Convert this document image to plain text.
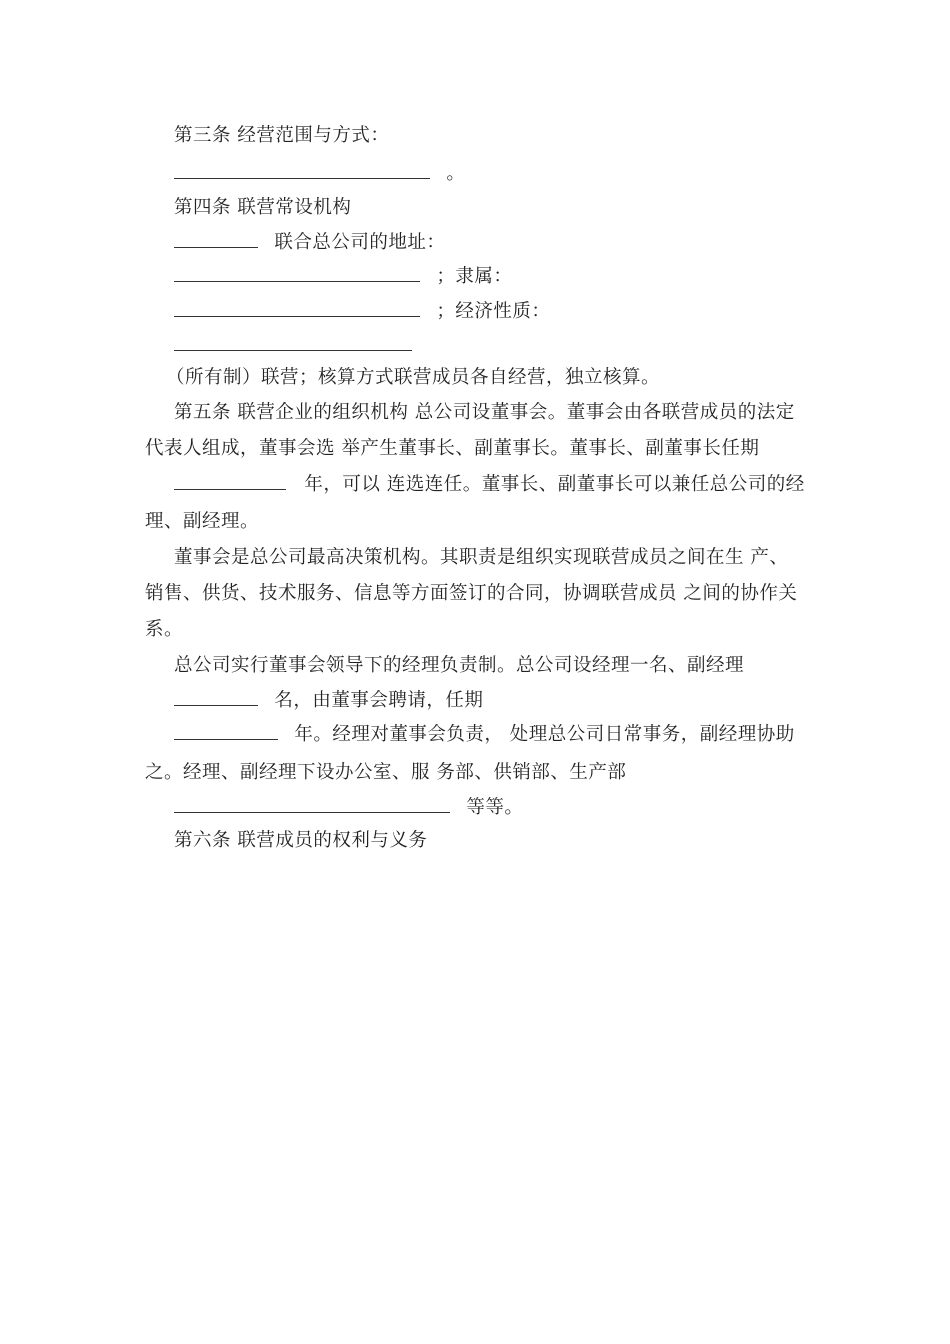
第三条 经营范围与方式：
。
第四条 联营常设机构
联合总公司的地址：
；隶属：
；经济性质：
（所有制）联营；核算方式联营成员各自经营，独立核算。
第五条 联营企业的组织机构 总公司设董事会。董事会由各联营成员的法定
代表人组成，董事会选 举产生董事长、副董事长。董事长、副董事长任期
年，可以 连选连任。董事长、副董事长可以兼任总公司的经
理、副经理。
董事会是总公司最高决策机构。其职责是组织实现联营成员之间在生 产、
销售、供货、技术服务、信息等方面签订的合同，协调联营成员 之间的协作关
系。
总公司实行董事会领导下的经理负责制。总公司设经理一名、副经理
名，由董事会聘请，任期
年。经理对董事会负责， 处理总公司日常事务，副经理协助
之。经理、副经理下设办公室、服 务部、供销部、生产部
等等。
第六条 联营成员的权利与义务
